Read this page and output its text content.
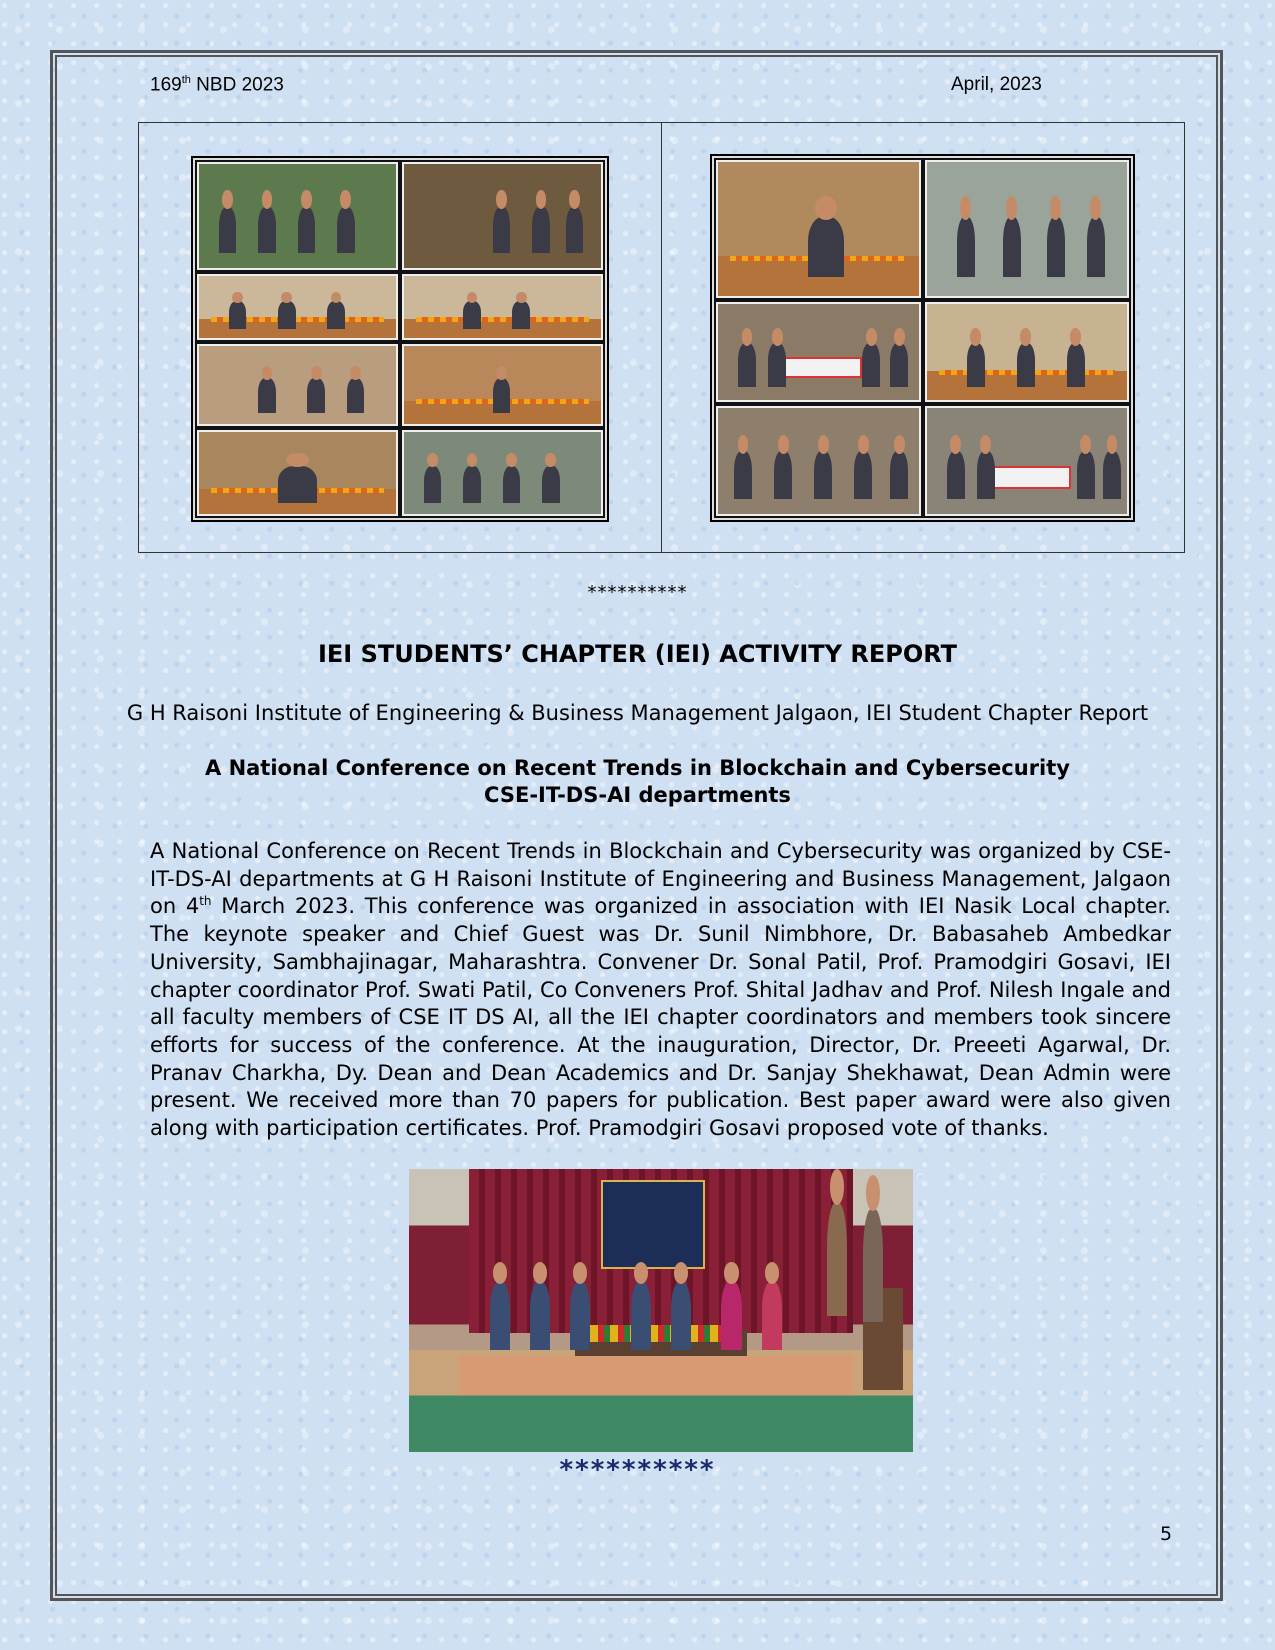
169th NBD 2023	April, 2023
**********
IEI STUDENTS’ CHAPTER (IEI) ACTIVITY REPORT
G H Raisoni Institute of Engineering & Business Management Jalgaon, IEI Student Chapter Report
A National Conference on Recent Trends in Blockchain and Cybersecurity
CSE-IT-DS-AI departments
A National Conference on Recent Trends in Blockchain and Cybersecurity was organized by CSE-IT-DS-AI departments at G H Raisoni Institute of Engineering and Business Management, Jalgaon on 4th March 2023. This conference was organized in association with IEI Nasik Local chapter. The keynote speaker and Chief Guest was Dr. Sunil Nimbhore, Dr. Babasaheb Ambedkar University, Sambhajinagar, Maharashtra. Convener Dr. Sonal Patil, Prof. Pramodgiri Gosavi, IEI chapter coordinator Prof. Swati Patil, Co Conveners Prof. Shital Jadhav and Prof. Nilesh Ingale and all faculty members of CSE IT DS AI, all the IEI chapter coordinators and members took sincere efforts for success of the conference. At the inauguration, Director, Dr. Preeeti Agarwal, Dr. Pranav Charkha, Dy. Dean and Dean Academics and Dr. Sanjay Shekhawat, Dean Admin were present. We received more than 70 papers for publication. Best paper award were also given along with participation certificates. Prof. Pramodgiri Gosavi proposed vote of thanks.
**********
5
